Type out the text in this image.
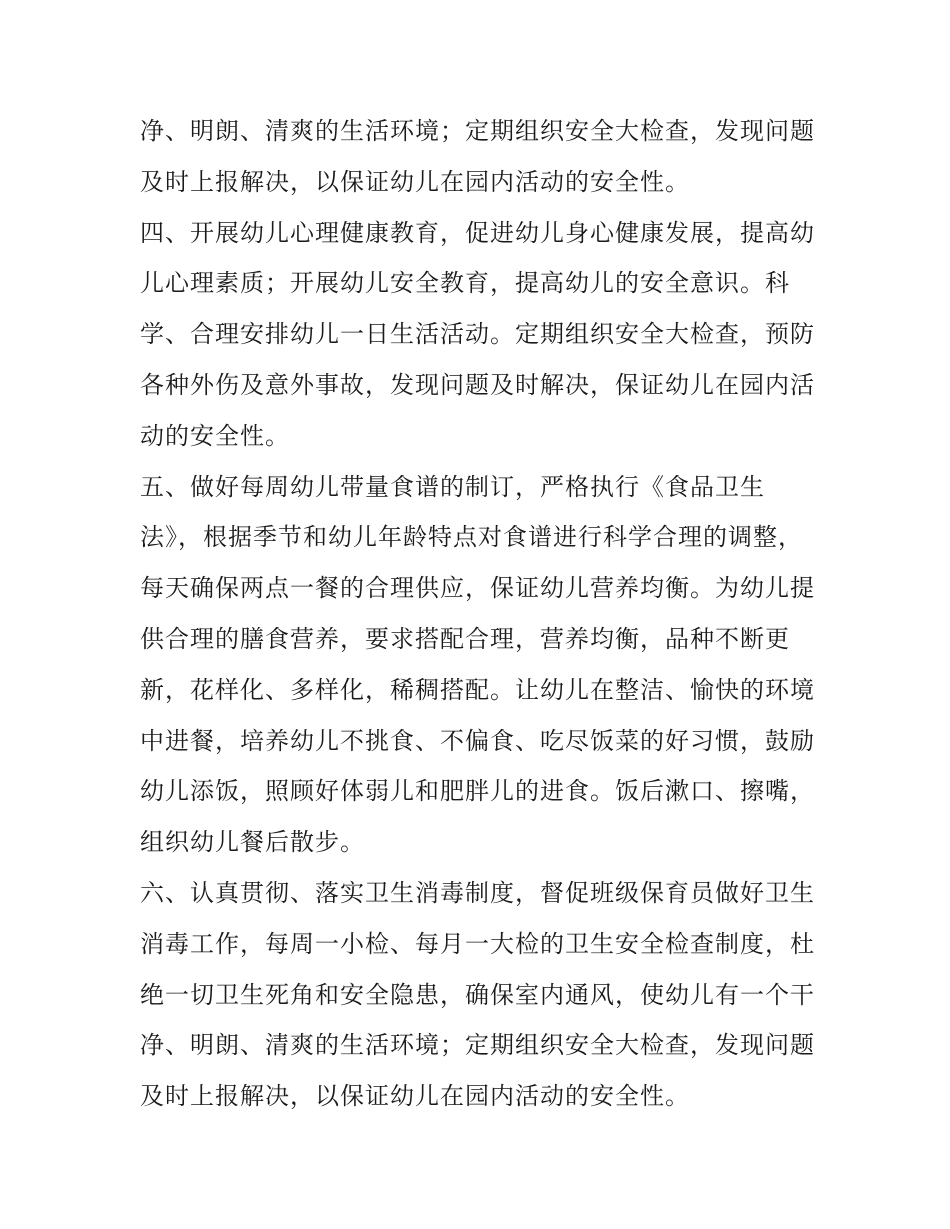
净、明朗、清爽的生活环境；定期组织安全大检查，发现问题
及时上报解决，以保证幼儿在园内活动的安全性。
四、开展幼儿心理健康教育，促进幼儿身心健康发展，提高幼
儿心理素质；开展幼儿安全教育，提高幼儿的安全意识。科
学、合理安排幼儿一日生活活动。定期组织安全大检查，预防
各种外伤及意外事故，发现问题及时解决，保证幼儿在园内活
动的安全性。
五、做好每周幼儿带量食谱的制订，严格执行《食品卫生
法》，根据季节和幼儿年龄特点对食谱进行科学合理的调整，
每天确保两点一餐的合理供应，保证幼儿营养均衡。为幼儿提
供合理的膳食营养，要求搭配合理，营养均衡，品种不断更
新，花样化、多样化，稀稠搭配。让幼儿在整洁、愉快的环境
中进餐，培养幼儿不挑食、不偏食、吃尽饭菜的好习惯，鼓励
幼儿添饭，照顾好体弱儿和肥胖儿的进食。饭后漱口、擦嘴，
组织幼儿餐后散步。
六、认真贯彻、落实卫生消毒制度，督促班级保育员做好卫生
消毒工作，每周一小检、每月一大检的卫生安全检查制度，杜
绝一切卫生死角和安全隐患，确保室内通风，使幼儿有一个干
净、明朗、清爽的生活环境；定期组织安全大检查，发现问题
及时上报解决，以保证幼儿在园内活动的安全性。
